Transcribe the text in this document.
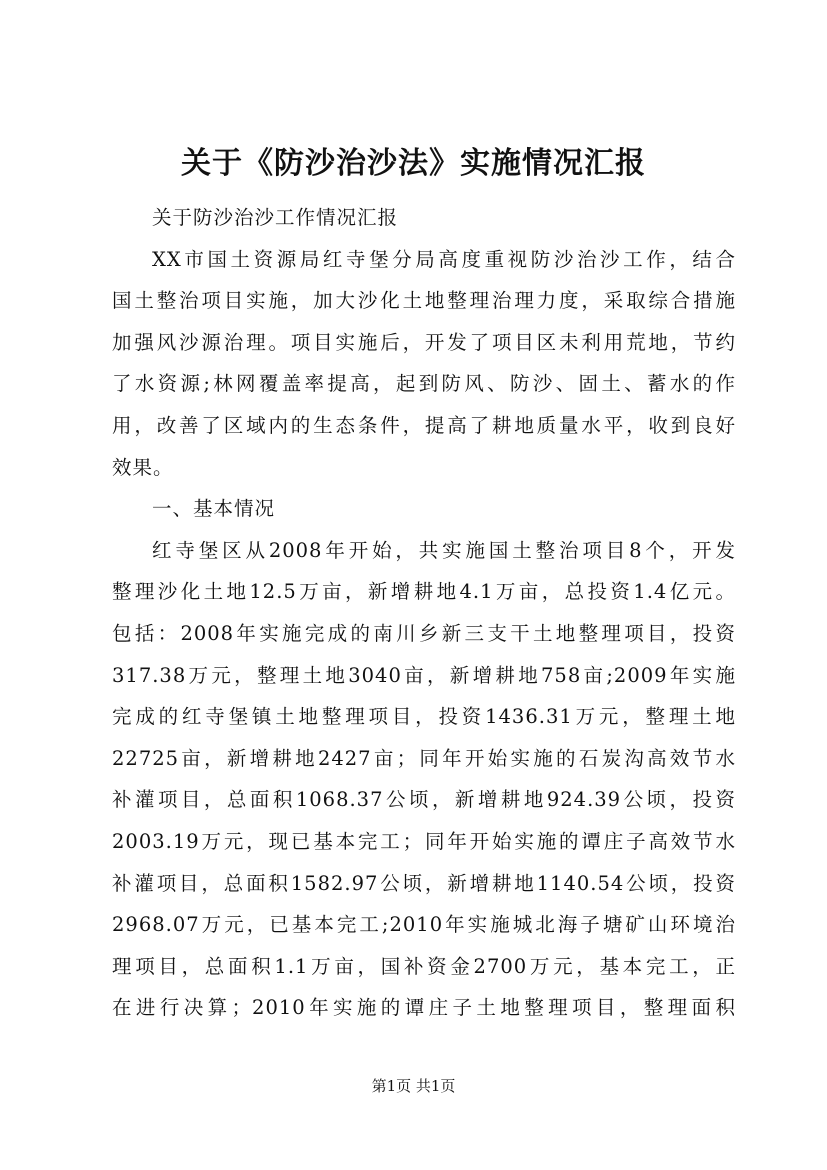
关于《防沙治沙法》实施情况汇报
关于防沙治沙工作情况汇报
XX市国土资源局红寺堡分局高度重视防沙治沙工作，结合
国土整治项目实施，加大沙化土地整理治理力度，采取综合措施
加强风沙源治理。项目实施后，开发了项目区未利用荒地，节约
了水资源;林网覆盖率提高，起到防风、防沙、固土、蓄水的作
用，改善了区域内的生态条件，提高了耕地质量水平，收到良好
效果。
一、基本情况
红寺堡区从2008年开始，共实施国土整治项目8个，开发
整理沙化土地12.5万亩，新增耕地4.1万亩，总投资1.4亿元。
包括：2008年实施完成的南川乡新三支干土地整理项目，投资
317.38万元，整理土地3040亩，新增耕地758亩;2009年实施
完成的红寺堡镇土地整理项目，投资1436.31万元，整理土地
22725亩，新增耕地2427亩；同年开始实施的石炭沟高效节水
补灌项目，总面积1068.37公顷，新增耕地924.39公顷，投资
2003.19万元，现已基本完工；同年开始实施的谭庄子高效节水
补灌项目，总面积1582.97公顷，新增耕地1140.54公顷，投资
2968.07万元，已基本完工;2010年实施城北海子塘矿山环境治
理项目，总面积1.1万亩，国补资金2700万元，基本完工，正
在进行决算；2010年实施的谭庄子土地整理项目，整理面积
第1页 共1页
